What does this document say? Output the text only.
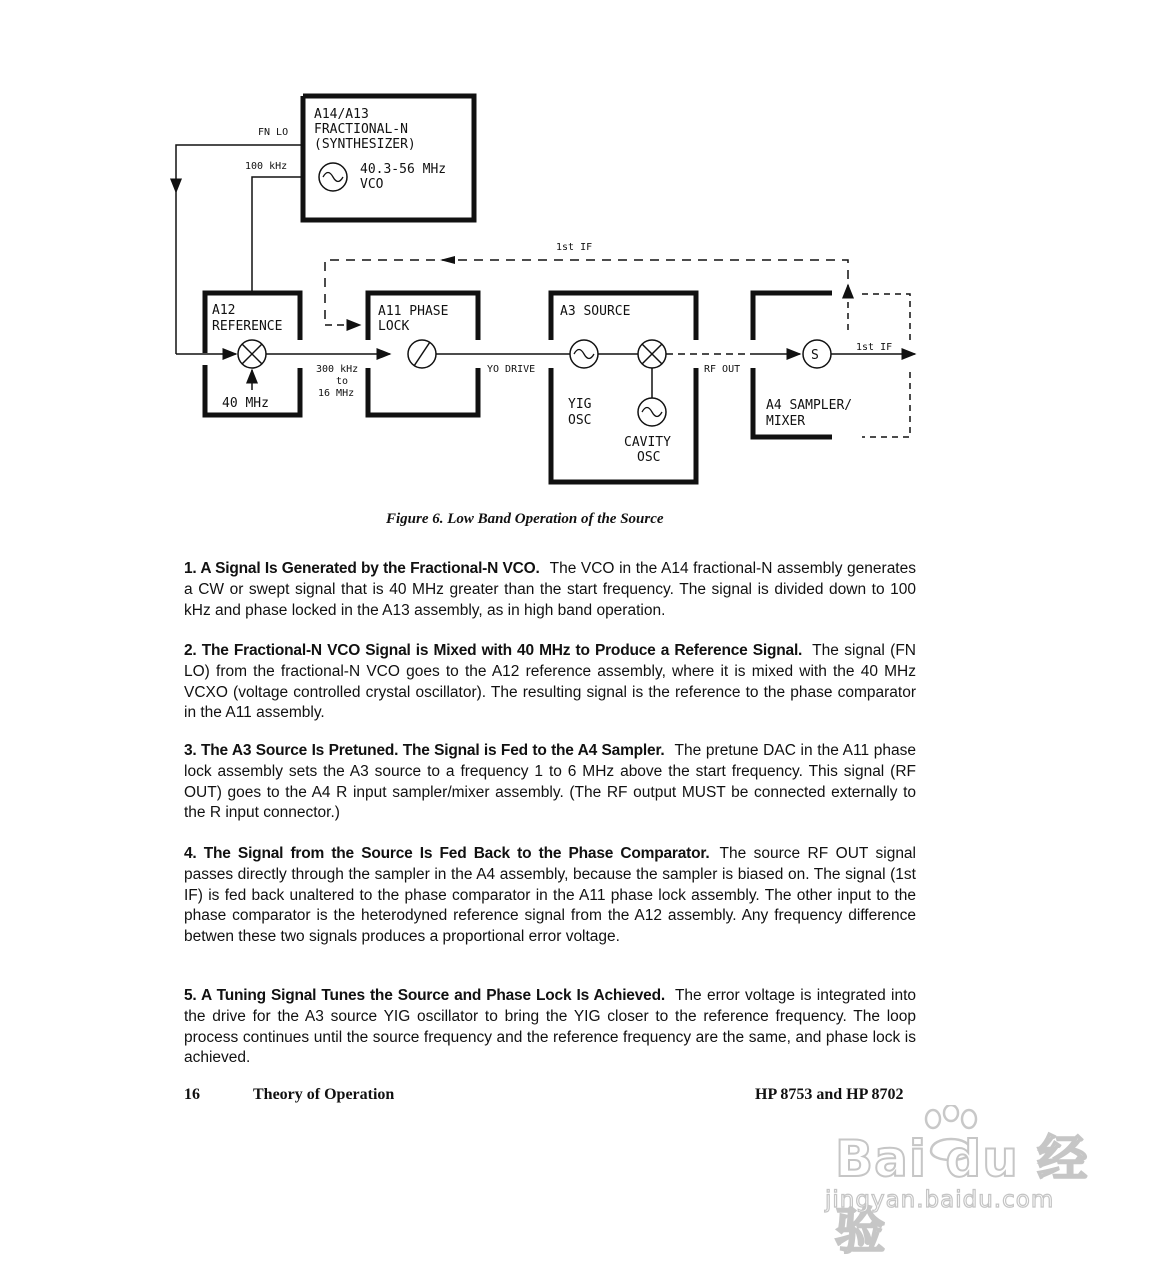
A14/A13
FRACTIONAL-N
(SYNTHESIZER)
40.3-56 MHz
VCO
FN LO
100 kHz
1st IF
A12
REFERENCE
40 MHz
A11 PHASE
LOCK
300 kHz
to
16 MHz
YO DRIVE
A3 SOURCE
YIG
OSC
CAVITY
OSC
RF OUT
A4 SAMPLER/
MIXER
S
1st IF
Figure 6. Low Band Operation of the Source

1. A Signal Is Generated by the Fractional-N VCO. The VCO in the A14 fractional-N assembly generates a CW or swept signal that is 40 MHz greater than the start frequency. The signal is divided down to 100 kHz and phase locked in the A13 assembly, as in high band operation.

2. The Fractional-N VCO Signal is Mixed with 40 MHz to Produce a Reference Signal. The signal (FN LO) from the fractional-N VCO goes to the A12 reference assembly, where it is mixed with the 40 MHz VCXO (voltage controlled crystal oscillator). The resulting signal is the reference to the phase comparator in the A11 assembly.

3. The A3 Source Is Pretuned. The Signal is Fed to the A4 Sampler. The pretune DAC in the A11 phase lock assembly sets the A3 source to a frequency 1 to 6 MHz above the start frequency. This signal (RF OUT) goes to the A4 R input sampler/mixer assembly. (The RF output MUST be connected externally to the R input connector.)

4. The Signal from the Source Is Fed Back to the Phase Comparator. The source RF OUT signal passes directly through the sampler in the A4 assembly, because the sampler is biased on. The signal (1st IF) is fed back unaltered to the phase comparator in the A11 phase lock assembly. The other input to the phase comparator is the heterodyned reference signal from the A12 assembly. Any frequency difference betwen these two signals produces a proportional error voltage.

5. A Tuning Signal Tunes the Source and Phase Lock Is Achieved. The error voltage is integrated into the drive for the A3 source YIG oscillator to bring the YIG closer to the reference frequency. The loop process continues until the source frequency and the reference frequency are the same, and phase lock is achieved.

16	Theory of Operation	HP 8753 and HP 8702
Bai du 经验
jingyan.baidu.com
